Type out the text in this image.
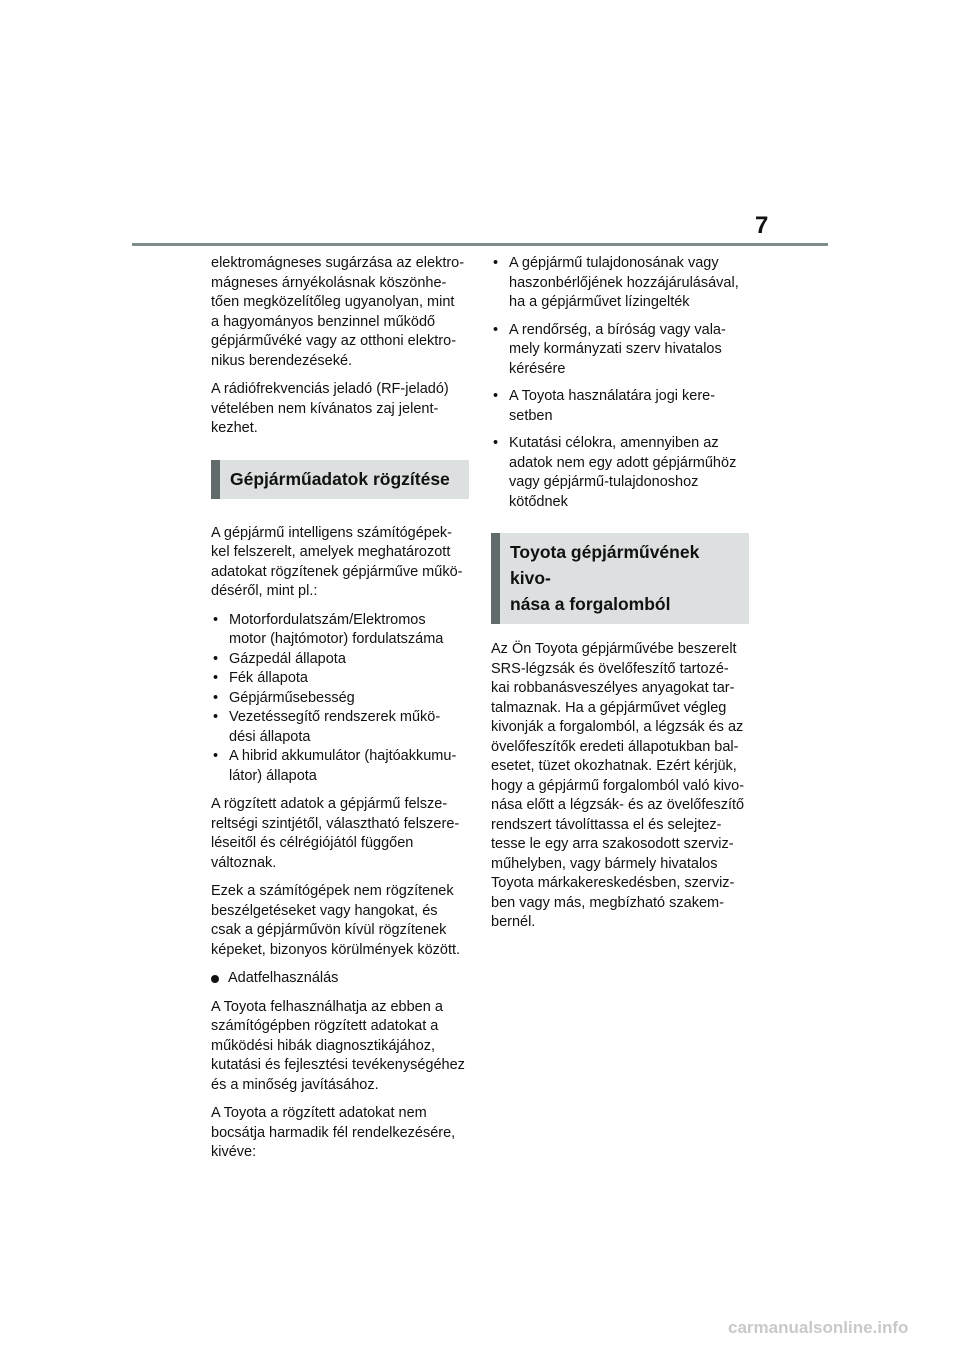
7

elektromágneses sugárzása az elektro-
mágneses árnyékolásnak köszönhe-
tően megközelítőleg ugyanolyan, mint
a hagyományos benzinnel működő
gépjárművéké vagy az otthoni elektro-
nikus berendezéseké.

A rádiófrekvenciás jeladó (RF-jeladó)
vételében nem kívánatos zaj jelent-
kezhet.

Gépjárműadatok rögzítése

A gépjármű intelligens számítógépek-
kel felszerelt, amelyek meghatározott
adatokat rögzítenek gépjárműve műkö-
déséről, mint pl.:

• Motorfordulatszám/Elektromos
motor (hajtómotor) fordulatszáma
• Gázpedál állapota
• Fék állapota
• Gépjárműsebesség
• Vezetéssegítő rendszerek műkö-
dési állapota
• A hibrid akkumulátor (hajtóakkumu-
látor) állapota

A rögzített adatok a gépjármű felsze-
reltségi szintjétől, választható felszere-
léseitől és célrégiójától függően
változnak.

Ezek a számítógépek nem rögzítenek
beszélgetéseket vagy hangokat, és
csak a gépjárművön kívül rögzítenek
képeket, bizonyos körülmények között.

Adatfelhasználás

A Toyota felhasználhatja az ebben a
számítógépben rögzített adatokat a
működési hibák diagnosztikájához,
kutatási és fejlesztési tevékenységéhez
és a minőség javításához.

A Toyota a rögzített adatokat nem
bocsátja harmadik fél rendelkezésére,
kivéve:

• A gépjármű tulajdonosának vagy
haszonbérlőjének hozzájárulásával,
ha a gépjárművet lízingelték
• A rendőrség, a bíróság vagy vala-
mely kormányzati szerv hivatalos
kérésére
• A Toyota használatára jogi kere-
setben
• Kutatási célokra, amennyiben az
adatok nem egy adott gépjárműhöz
vagy gépjármű-tulajdonoshoz
kötődnek
Toyota gépjárművének kivo-
nása a forgalomból

Az Ön Toyota gépjárművébe beszerelt
SRS-légzsák és övelőfeszítő tartozé-
kai robbanásveszélyes anyagokat tar-
talmaznak. Ha a gépjárművet végleg
kivonják a forgalomból, a légzsák és az
övelőfeszítők eredeti állapotukban bal-
esetet, tüzet okozhatnak. Ezért kérjük,
hogy a gépjármű forgalomból való kivo-
nása előtt a légzsák- és az övelőfeszítő
rendszert távolíttassa el és selejtez-
tesse le egy arra szakosodott szerviz-
műhelyben, vagy bármely hivatalos
Toyota márkakereskedésben, szerviz-
ben vagy más, megbízható szakem-
bernél.

carmanualsonline.info
